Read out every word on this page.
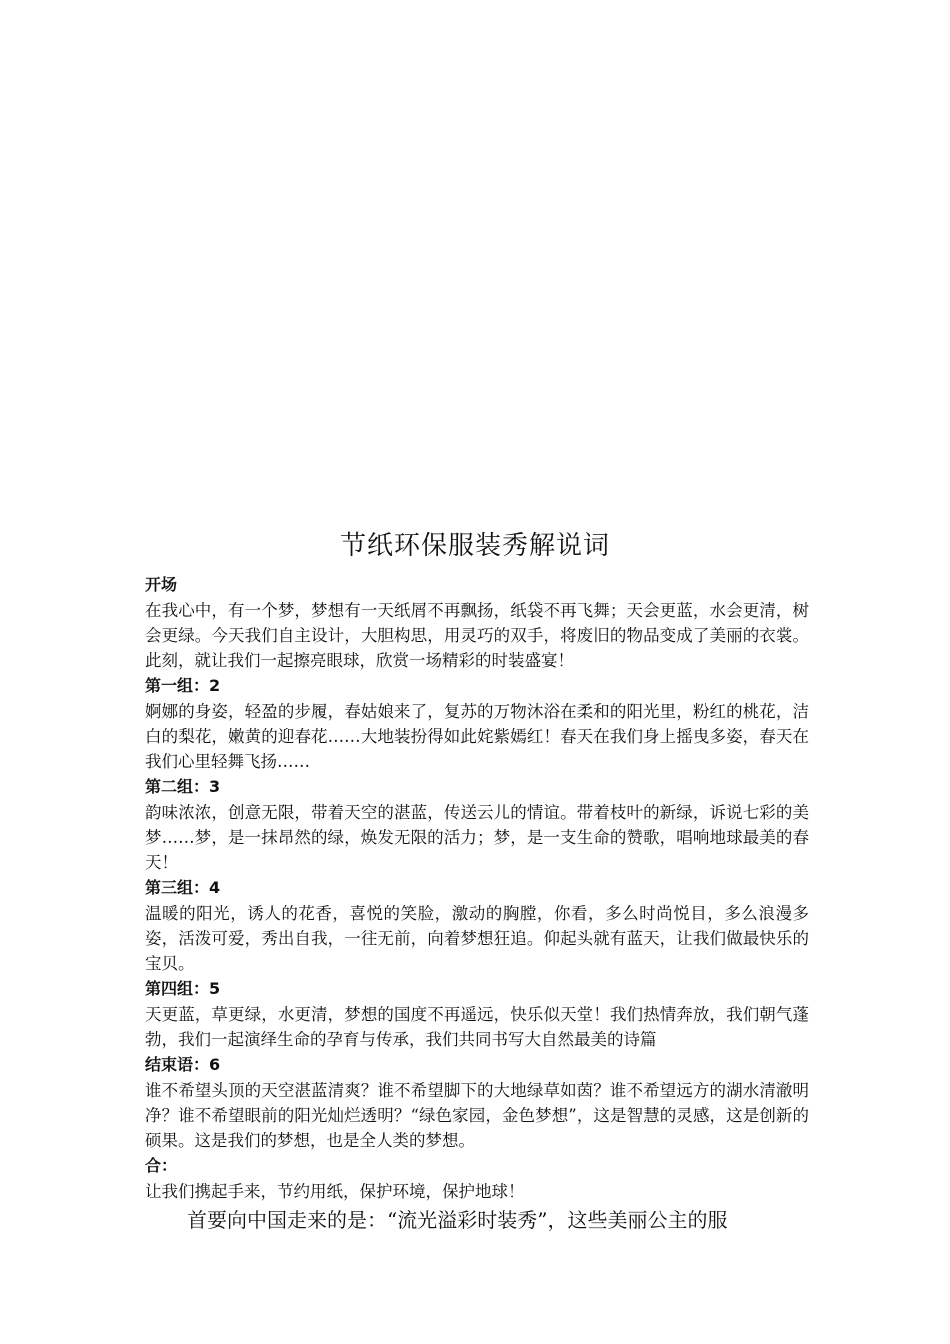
节纸环保服装秀解说词

开场

在我心中，有一个梦，梦想有一天纸屑不再飘扬，纸袋不再飞舞；天会更蓝，水会更清，树会更绿。今天我们自主设计，大胆构思，用灵巧的双手，将废旧的物品变成了美丽的衣裳。此刻，就让我们一起擦亮眼球，欣赏一场精彩的时装盛宴！

第一组：2

婀娜的身姿，轻盈的步履，春姑娘来了，复苏的万物沐浴在柔和的阳光里，粉红的桃花，洁白的梨花，嫩黄的迎春花……大地装扮得如此姹紫嫣红！春天在我们身上摇曳多姿，春天在我们心里轻舞飞扬……

第二组：3

韵味浓浓，创意无限，带着天空的湛蓝，传送云儿的情谊。带着枝叶的新绿，诉说七彩的美梦……梦，是一抹昂然的绿，焕发无限的活力；梦，是一支生命的赞歌，唱响地球最美的春天！

第三组：4

温暖的阳光，诱人的花香，喜悦的笑脸，激动的胸膛，你看，多么时尚悦目，多么浪漫多姿，活泼可爱，秀出自我，一往无前，向着梦想狂追。仰起头就有蓝天，让我们做最快乐的宝贝。

第四组：5

天更蓝，草更绿，水更清，梦想的国度不再遥远，快乐似天堂！我们热情奔放，我们朝气蓬勃，我们一起演绎生命的孕育与传承，我们共同书写大自然最美的诗篇

结束语：6

谁不希望头顶的天空湛蓝清爽？谁不希望脚下的大地绿草如茵？谁不希望远方的湖水清澈明净？谁不希望眼前的阳光灿烂透明？“绿色家园，金色梦想”，这是智慧的灵感，这是创新的硕果。这是我们的梦想，也是全人类的梦想。

合：

让我们携起手来，节约用纸，保护环境，保护地球！

首要向中国走来的是：“流光溢彩时装秀”，这些美丽公主的服
